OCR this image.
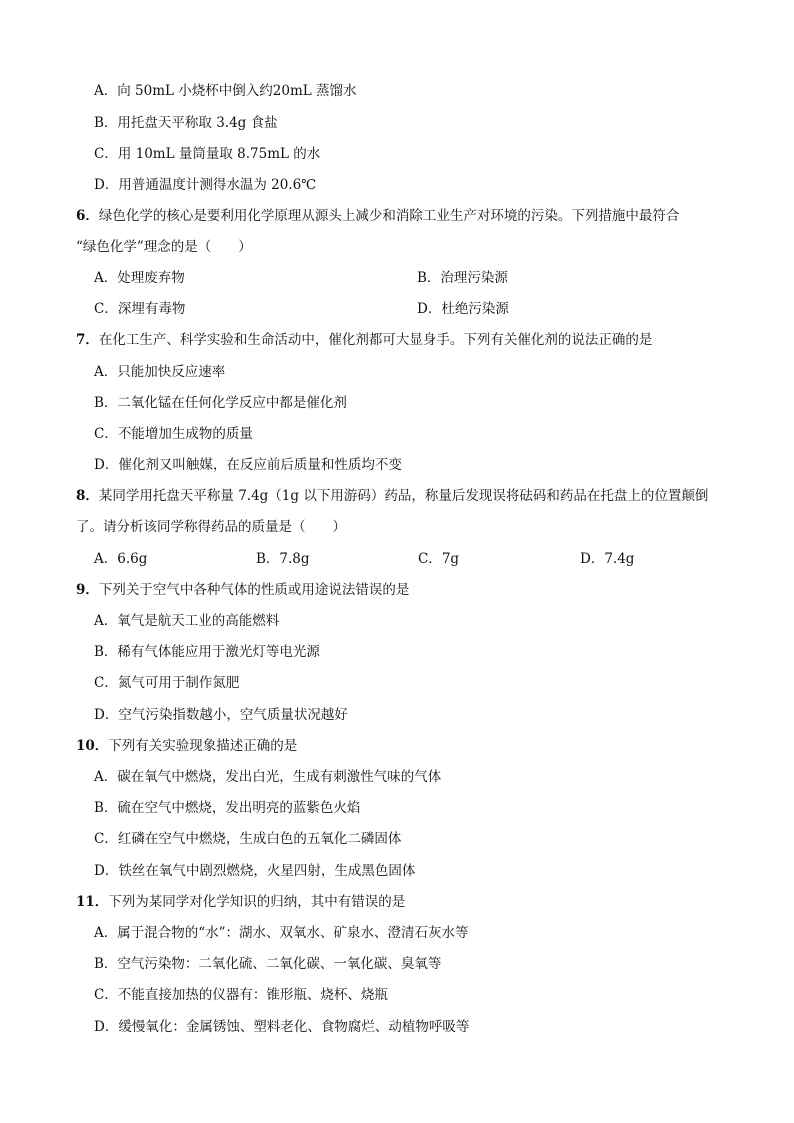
A．向 50mL 小烧杯中倒入约20mL 蒸馏水
B．用托盘天平称取 3.4g 食盐
C．用 10mL 量筒量取 8.75mL 的水
D．用普通温度计测得水温为 20.6℃
6．绿色化学的核心是要利用化学原理从源头上减少和消除工业生产对环境的污染。下列措施中最符合
“绿色化学”理念的是（　　）
A．处理废弃物	B．治理污染源
C．深埋有毒物	D．杜绝污染源
7．在化工生产、科学实验和生命活动中，催化剂都可大显身手。下列有关催化剂的说法正确的是
A．只能加快反应速率
B．二氧化锰在任何化学反应中都是催化剂
C．不能增加生成物的质量
D．催化剂又叫触媒，在反应前后质量和性质均不变
8．某同学用托盘天平称量 7.4g（1g 以下用游码）药品，称量后发现误将砝码和药品在托盘上的位置颠倒
了。请分析该同学称得药品的质量是（　　）
A．6.6g	B．7.8g	C．7g	D．7.4g
9．下列关于空气中各种气体的性质或用途说法错误的是
A．氧气是航天工业的高能燃料
B．稀有气体能应用于激光灯等电光源
C．氮气可用于制作氮肥
D．空气污染指数越小，空气质量状况越好
10．下列有关实验现象描述正确的是
A．碳在氧气中燃烧，发出白光，生成有刺激性气味的气体
B．硫在空气中燃烧，发出明亮的蓝紫色火焰
C．红磷在空气中燃烧，生成白色的五氧化二磷固体
D．铁丝在氧气中剧烈燃烧，火星四射，生成黑色固体
11．下列为某同学对化学知识的归纳，其中有错误的是
A．属于混合物的“水”：湖水、双氧水、矿泉水、澄清石灰水等
B．空气污染物：二氧化硫、二氧化碳、一氧化碳、臭氧等
C．不能直接加热的仪器有：锥形瓶、烧杯、烧瓶
D．缓慢氧化：金属锈蚀、塑料老化、食物腐烂、动植物呼吸等
